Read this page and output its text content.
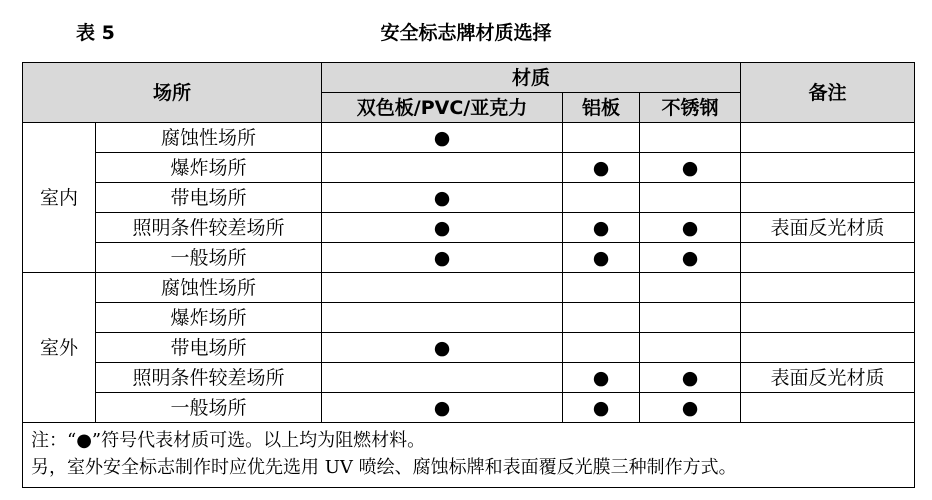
表 5	安全标志牌材质选择
场所		材质			备注
		双色板/PVC/亚克力	铝板	不锈钢	
室内	腐蚀性场所	●			
	爆炸场所		●	●	
	带电场所	●			
	照明条件较差场所	●	●	●	表面反光材质
	一般场所	●	●	●	
室外	腐蚀性场所				
	爆炸场所				
	带电场所	●			
	照明条件较差场所		●	●	表面反光材质
	一般场所	●	●	●	

注：“●”符号代表材质可选。以上均为阻燃材料。
另，室外安全标志制作时应优先选用 UV 喷绘、腐蚀标牌和表面覆反光膜三种制作方式。					
